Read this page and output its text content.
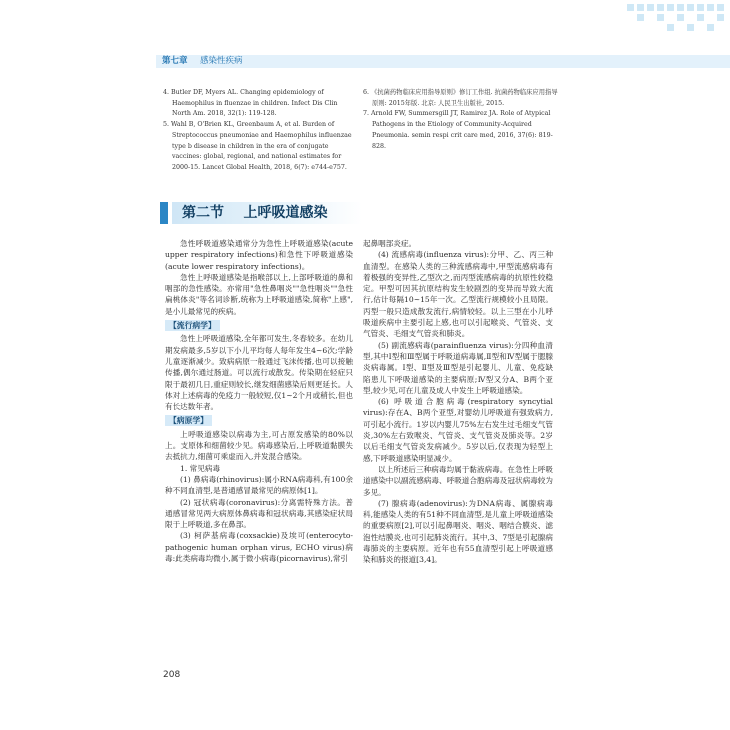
第七章 感染性疾病

4. Butler DF, Myers AL. Changing epidemiology of Haemophilus in fluenzae in children. Infect Dis Clin North Am. 2018, 32(1): 119-128.

5. Wahl B, O'Brien KL, Greenbaum A, et al. Burden of Streptococcus pneumoniae and Haemophilus influenzae type b disease in children in the era of conjugate vaccines: global, regional, and national estimates for 2000-15. Lancet Global Health, 2018, 6(7): e744-e757.

6. 《抗菌药物临床应用指导原则》修订工作组. 抗菌药物临床应用指导原则: 2015年版. 北京: 人民卫生出版社, 2015.

7. Arnold FW, Summersgill JT, Ramirez JA. Role of Atypical Pathogens in the Etiology of Community-Acquired Pneumonia. semin respi crit care med, 2016, 37(6): 819-828.

第二节 上呼吸道感染

急性呼吸道感染通常分为急性上呼吸道感染(acute upper respiratory infections)和急性下呼吸道感染(acute lower respiratory infections)。

急性上呼吸道感染是指喉部以上,上部呼吸道的鼻和咽部的急性感染。亦常用"急性鼻咽炎""急性咽炎""急性扁桃体炎"等名词诊断,统称为上呼吸道感染,简称"上感",是小儿最常见的疾病。

【流行病学】

急性上呼吸道感染,全年都可发生,冬春较多。在幼儿期发病最多,5岁以下小儿平均每人每年发生4~6次;学龄儿童逐渐减少。致病病原一般通过飞沫传播,也可以接触传播,偶尔通过肠道。可以流行或散发。传染期在轻症只限于最初几日,重症则较长,继发细菌感染后则更延长。人体对上述病毒的免疫力一般较短,仅1~2个月或稍长,但也有长达数年者。

【病原学】

上呼吸道感染以病毒为主,可占原发感染的80%以上。支原体和细菌较少见。病毒感染后,上呼吸道黏膜失去抵抗力,细菌可乘虚而入,并发混合感染。

1. 常见病毒

(1) 鼻病毒(rhinovirus):属小RNA病毒科,有100余种不同血清型,是普通感冒最常见的病原体[1]。

(2) 冠状病毒(coronavirus):分离需特殊方法。普通感冒常见两大病原体鼻病毒和冠状病毒,其感染症状局限于上呼吸道,多在鼻部。

(3) 柯萨基病毒(coxsackie)及埃可(enterocyto-pathogenic human orphan virus, ECHO virus)病毒:此类病毒均微小,属于微小病毒(picornavirus),常引

起鼻咽部炎症。

(4) 流感病毒(influenza virus):分甲、乙、丙三种血清型。在感染人类的三种流感病毒中,甲型流感病毒有着极强的变异性,乙型次之,而丙型流感病毒的抗原性较稳定。甲型可因其抗原结构发生较剧烈的变异而导致大流行,估计每隔10~15年一次。乙型流行规模较小且局限。丙型一般只造成散发流行,病情较轻。以上三型在小儿呼吸道疾病中主要引起上感,也可以引起喉炎、气管炎、支气管炎、毛细支气管炎和肺炎。

(5) 副流感病毒(parainfluenza virus):分四种血清型,其中Ⅰ型和Ⅲ型属于呼吸道病毒属,Ⅱ型和Ⅳ型属于腮腺炎病毒属。Ⅰ型、Ⅱ型及Ⅲ型是引起婴儿、儿童、免疫缺陷患儿下呼吸道感染的主要病原;Ⅳ型又分A、B两个亚型,较少见,可在儿童及成人中发生上呼吸道感染。

(6) 呼吸道合胞病毒(respiratory syncytial virus):存在A、B两个亚型,对婴幼儿呼吸道有强致病力,可引起小流行。1岁以内婴儿75%左右发生过毛细支气管炎,30%左右致喉炎、气管炎、支气管炎及肺炎等。2岁以后毛细支气管炎发病减少。5岁以后,仅表现为轻型上感,下呼吸道感染明显减少。

以上所述后三种病毒均属于黏液病毒。在急性上呼吸道感染中以副流感病毒、呼吸道合胞病毒及冠状病毒较为多见。

(7) 腺病毒(adenovirus):为DNA病毒、属腺病毒科,能感染人类的有51种不同血清型,是儿童上呼吸道感染的重要病原[2],可以引起鼻咽炎、咽炎、咽结合膜炎、滤泡性结膜炎,也可引起肺炎流行。其中,3、7型是引起腺病毒肺炎的主要病原。近年也有55血清型引起上呼吸道感染和肺炎的报道[3,4]。

208
